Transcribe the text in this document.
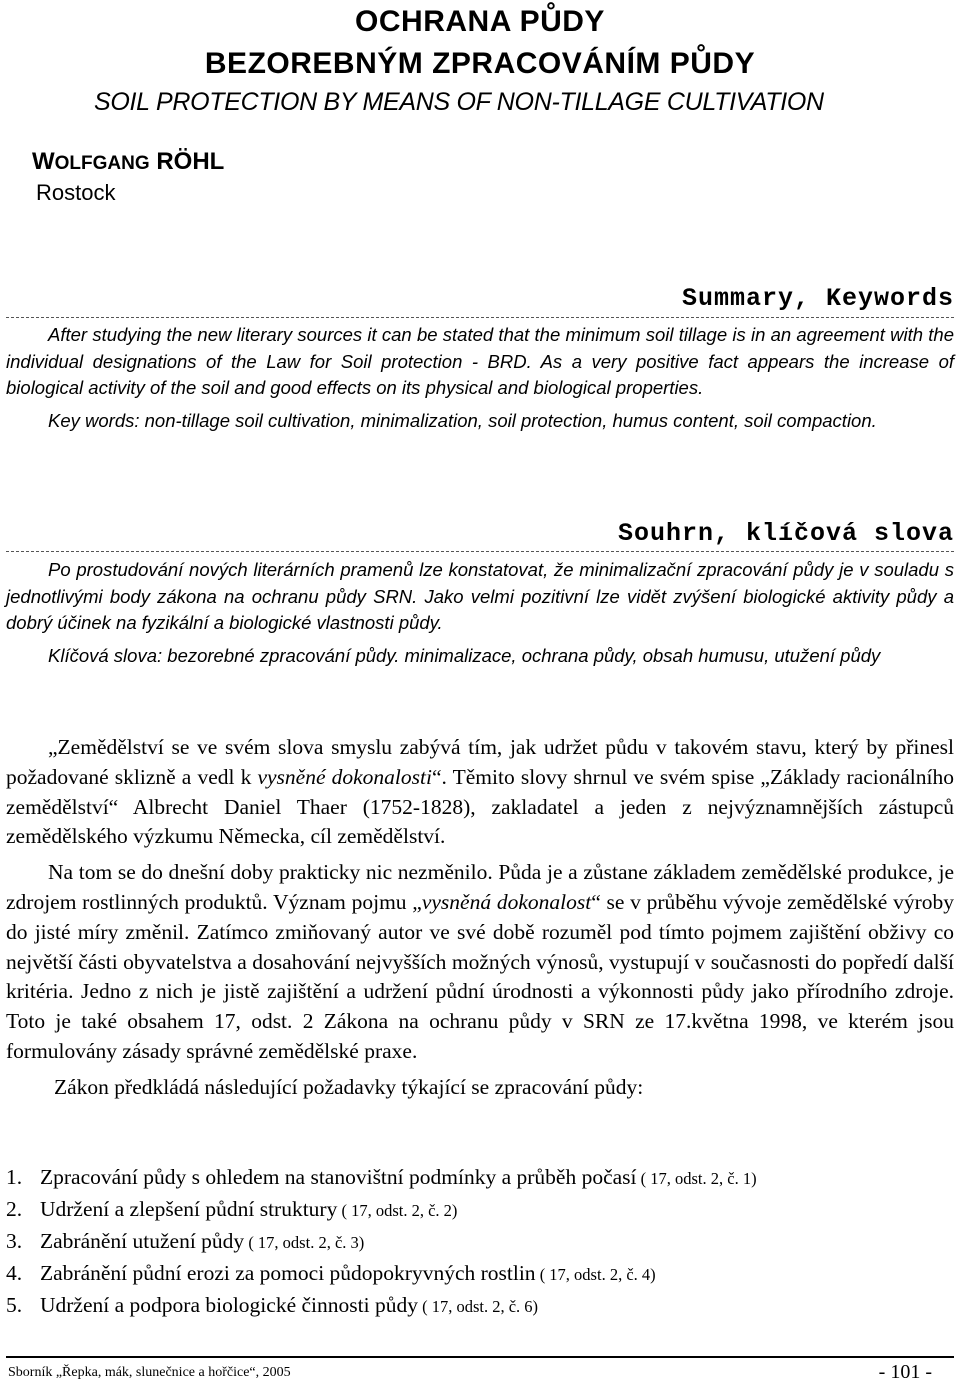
OCHRANA PŮDY
BEZOREBNÝM ZPRACOVÁNÍM PŮDY
SOIL PROTECTION BY MEANS OF NON-TILLAGE CULTIVATION
WOLFGANG RÖHL
Rostock
Summary, Keywords

After studying the new literary sources it can be stated that the minimum soil tillage is in an agreement with the individual designations of the Law for Soil protection - BRD. As a very positive fact appears the increase of biological activity of the soil and good effects on its physical and biological properties.

Key words: non-tillage soil cultivation, minimalization, soil protection, humus content, soil compaction.

Souhrn, klíčová slova

Po prostudování nových literárních pramenů lze konstatovat, že minimalizační zpracování půdy je v souladu s jednotlivými body zákona na ochranu půdy SRN. Jako velmi pozitivní lze vidět zvýšení biologické aktivity půdy a dobrý účinek na fyzikální a biologické vlastnosti půdy.

Klíčová slova: bezorebné zpracování půdy. minimalizace, ochrana půdy, obsah humusu, utužení půdy

„Zemědělství se ve svém slova smyslu zabývá tím, jak udržet půdu v takovém stavu, který by přinesl požadované sklizně a vedl k vysněné dokonalosti“. Těmito slovy shrnul ve svém spise „Základy racionálního zemědělství“ Albrecht Daniel Thaer (1752-1828), zakladatel a jeden z nejvýznamnějších zástupců zemědělského výzkumu Německa, cíl zemědělství.

Na tom se do dnešní doby prakticky nic nezměnilo. Půda je a zůstane základem zemědělské produkce, je zdrojem rostlinných produktů. Význam pojmu „vysněná dokonalost“ se v průběhu vývoje zemědělské výroby do jisté míry změnil. Zatímco zmiňovaný autor ve své době rozuměl pod tímto pojmem zajištění obživy co největší části obyvatelstva a dosahování nejvyšších možných výnosů, vystupují v současnosti do popředí další kritéria. Jedno z nich je jistě zajištění a udržení půdní úrodnosti a výkonnosti půdy jako přírodního zdroje. Toto je také obsahem 17, odst. 2 Zákona na ochranu půdy v SRN ze 17.května 1998, ve kterém jsou formulovány zásady správné zemědělské praxe.

Zákon předkládá následující požadavky týkající se zpracování půdy:

1. Zpracování půdy s ohledem na stanovištní podmínky a průběh počasí ( 17, odst. 2, č. 1)
2. Udržení a zlepšení půdní struktury ( 17, odst. 2, č. 2)
3. Zabránění utužení půdy ( 17, odst. 2, č. 3)
4. Zabránění půdní erozi za pomoci půdopokryvných rostlin ( 17, odst. 2, č. 4)
5. Udržení a podpora biologické činnosti půdy ( 17, odst. 2, č. 6)
Sborník „Řepka, mák, slunečnice a hořčice“, 2005	- 101 -
